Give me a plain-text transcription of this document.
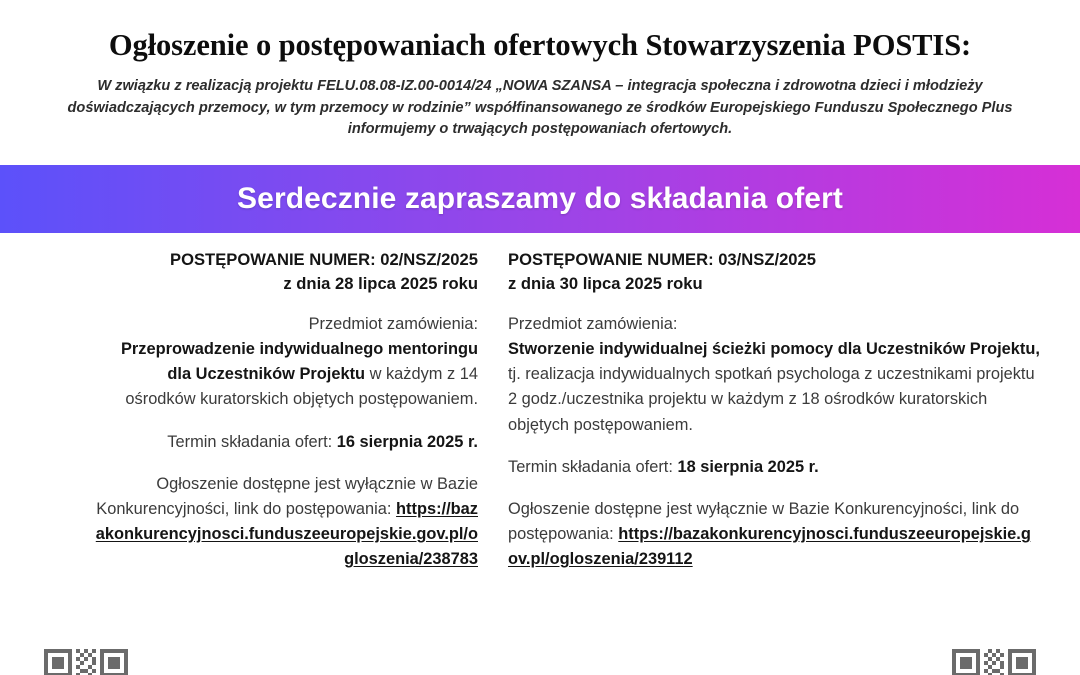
Ogłoszenie o postępowaniach ofertowych Stowarzyszenia POSTIS:
W związku z realizacją projektu FELU.08.08-IZ.00-0014/24 „NOWA SZANSA – integracja społeczna i zdrowotna dzieci i młodzieży
doświadczających przemocy, w tym przemocy w rodzinie” współfinansowanego ze środków Europejskiego Funduszu Społecznego Plus
informujemy o trwających postępowaniach ofertowych.
Serdecznie zapraszamy do składania ofert
POSTĘPOWANIE NUMER: 02/NSZ/2025
z dnia 28 lipca 2025 roku
Przedmiot zamówienia:
Przeprowadzenie indywidualnego mentoringu dla Uczestników Projektu w każdym z 14 ośrodków kuratorskich objętych postępowaniem.
Termin składania ofert: 16 sierpnia 2025 r.
Ogłoszenie dostępne jest wyłącznie w Bazie Konkurencyjności, link do postępowania: https://bazakonkurencyjnosci.funduszeeuropejskie.gov.pl/ogloszenia/238783
POSTĘPOWANIE NUMER: 03/NSZ/2025
z dnia 30 lipca 2025 roku
Przedmiot zamówienia:
Stworzenie indywidualnej ścieżki pomocy dla Uczestników Projektu, tj. realizacja indywidualnych spotkań psychologa z uczestnikami projektu 2 godz./uczestnika projektu w każdym z 18 ośrodków kuratorskich objętych postępowaniem.
Termin składania ofert: 18 sierpnia 2025 r.
Ogłoszenie dostępne jest wyłącznie w Bazie Konkurencyjności, link do postępowania: https://bazakonkurencyjnosci.funduszeeuropejskie.gov.pl/ogloszenia/239112
